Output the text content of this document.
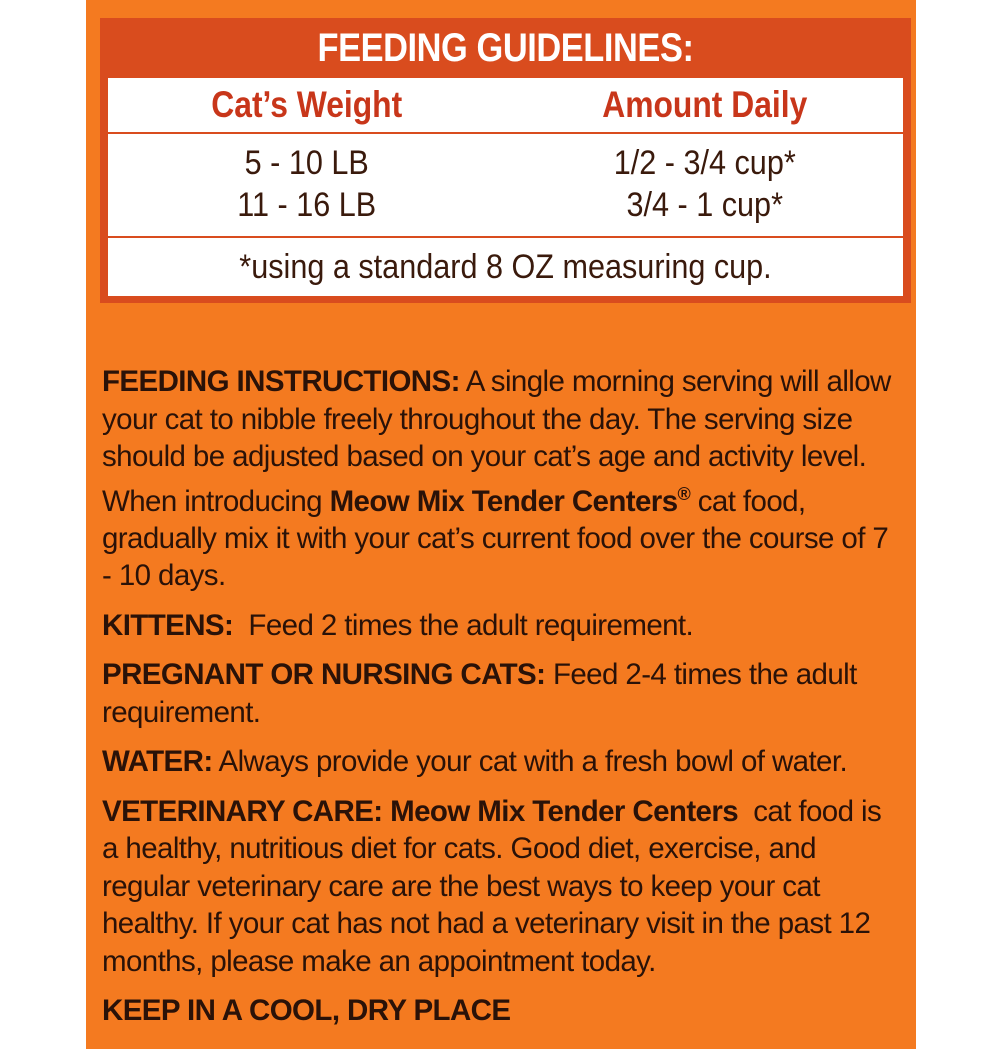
FEEDING GUIDELINES:
Cat’s Weight	Amount Daily
5 - 10 LB	1/2 - 3/4 cup*
11 - 16 LB	3/4 - 1 cup*
*using a standard 8 OZ measuring cup.

FEEDING INSTRUCTIONS: A single morning serving will allow your cat to nibble freely throughout the day. The serving size should be adjusted based on your cat’s age and activity level. When introducing Meow Mix Tender Centers® cat food, gradually mix it with your cat’s current food over the course of 7 - 10 days.

KITTENS:  Feed 2 times the adult requirement.

PREGNANT OR NURSING CATS: Feed 2-4 times the adult requirement.

WATER: Always provide your cat with a fresh bowl of water.

VETERINARY CARE: Meow Mix Tender Centers  cat food is a healthy, nutritious diet for cats. Good diet, exercise, and regular veterinary care are the best ways to keep your cat healthy. If your cat has not had a veterinary visit in the past 12 months, please make an appointment today.

KEEP IN A COOL, DRY PLACE
